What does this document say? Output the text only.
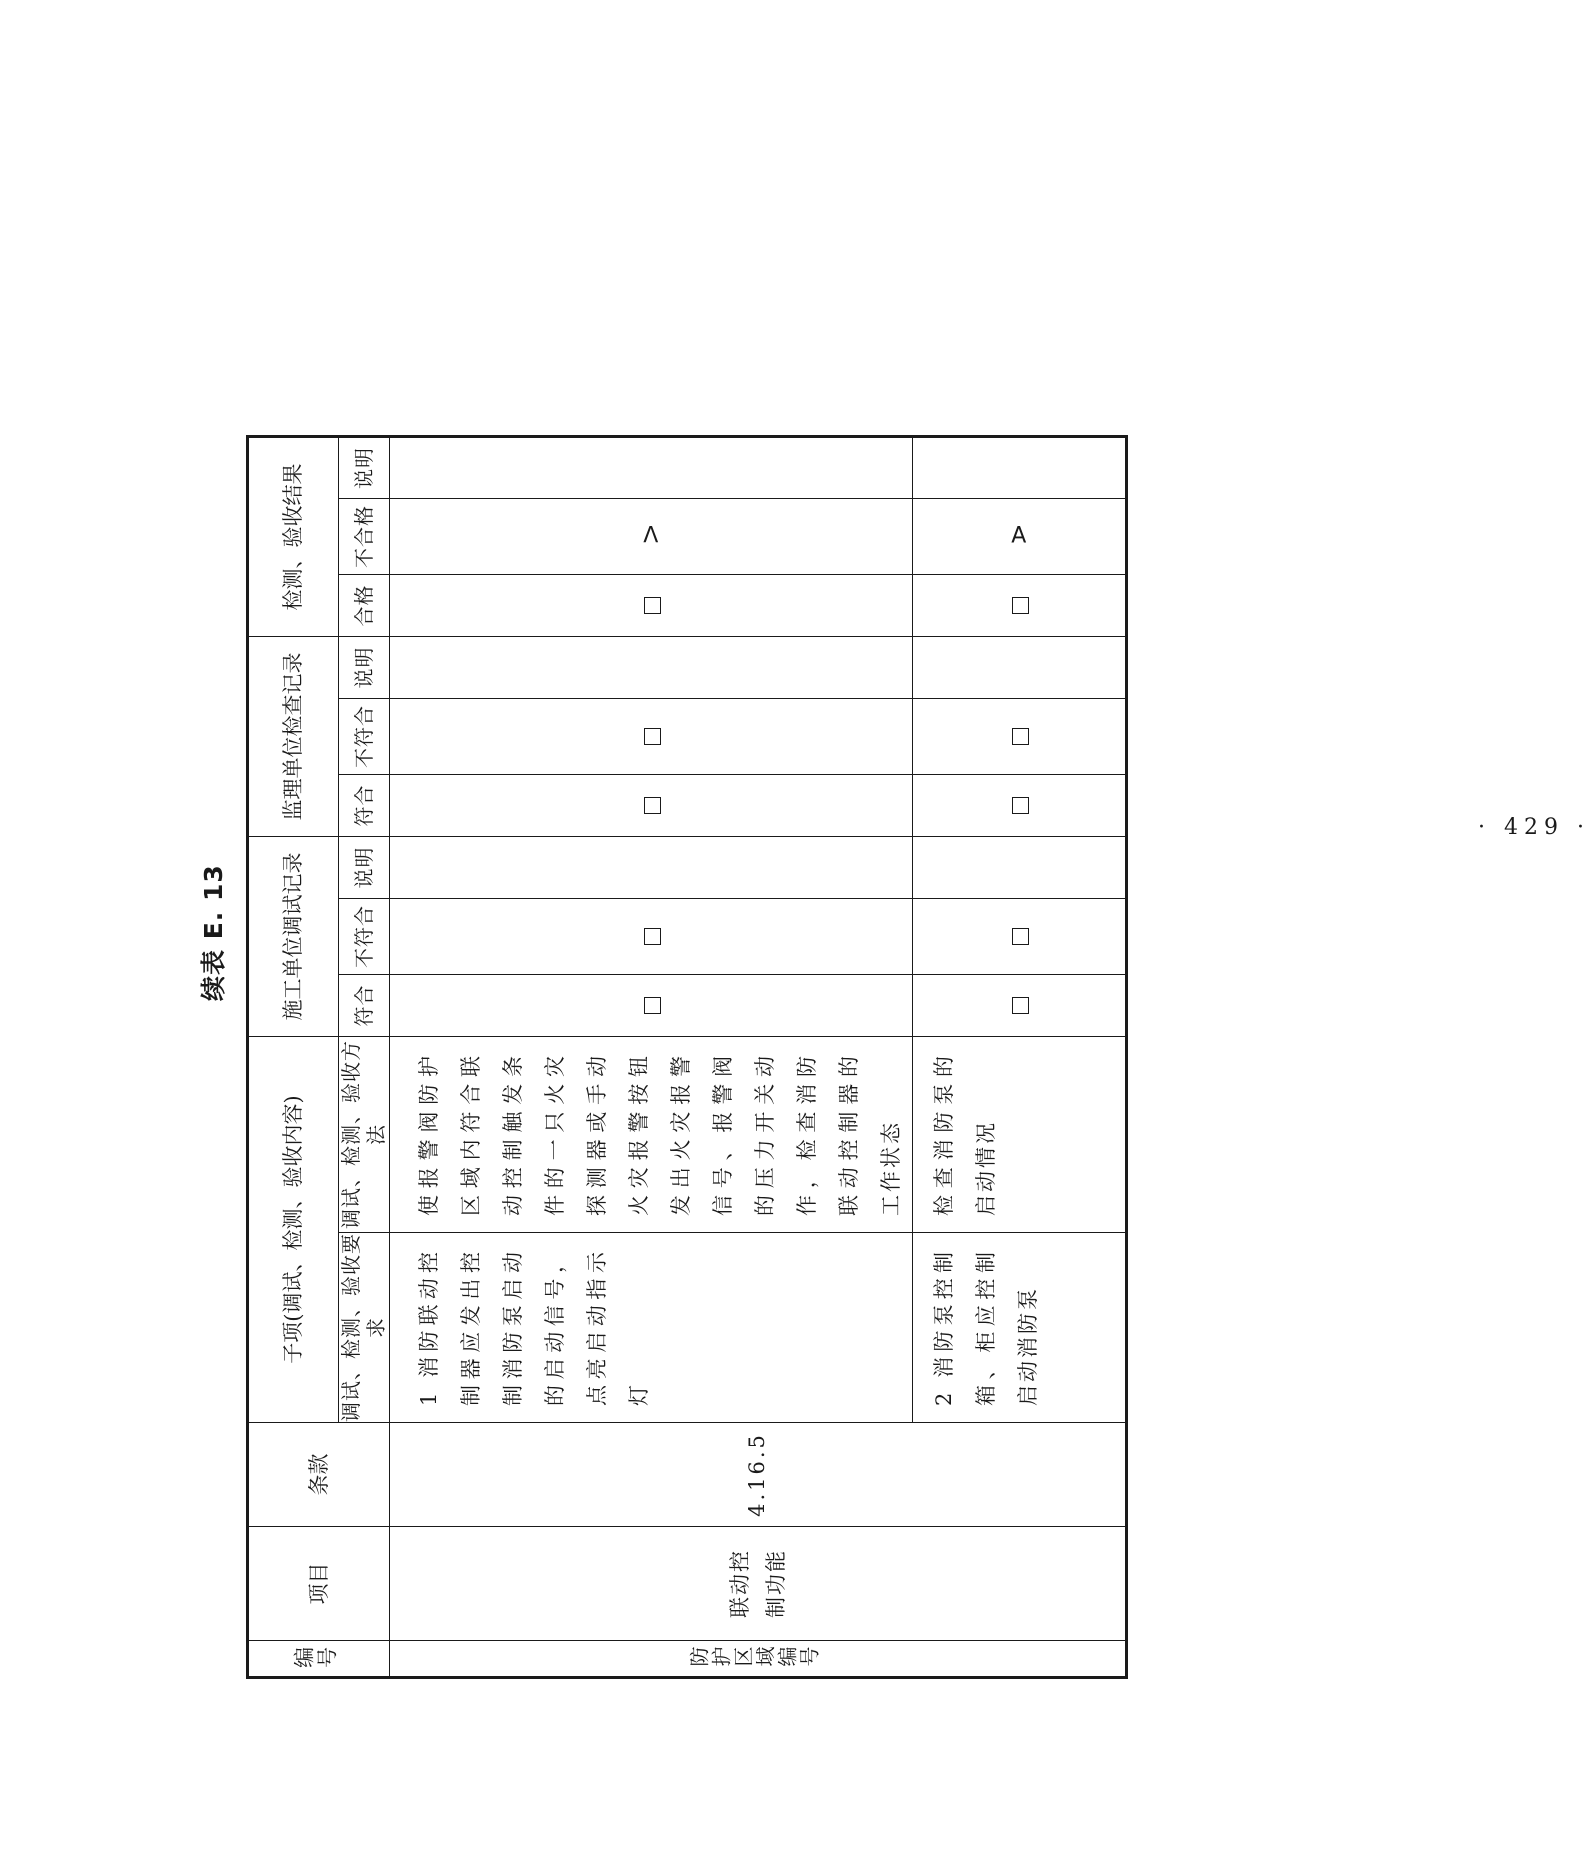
续表 E. 13
编号	项目	条款	子项(调试、检测、验收内容)		施工单位调试记录			监理单位检查记录			检测、验收结果		
			调试、检测、验收要求	调试、检测、验收方法	符合	不符合	说明	符合	不符合	说明	合格	不合格	说明
防护区域编号	联动控制功能	4.16.5	1 消防联动控制器应发出控制消防泵启动的启动信号，点亮启动指示灯	使报警阀防护区域内符合联动控制触发条件的一只火灾探测器或手动火灾报警按钮发出火灾报警信号、报警阀的压力开关动作，检查消防联动控制器的工作状态								Λ	
			2 消防泵控制箱、柜应控制启动消防泵	检查消防泵的启动情况								A	
· 429 ·
